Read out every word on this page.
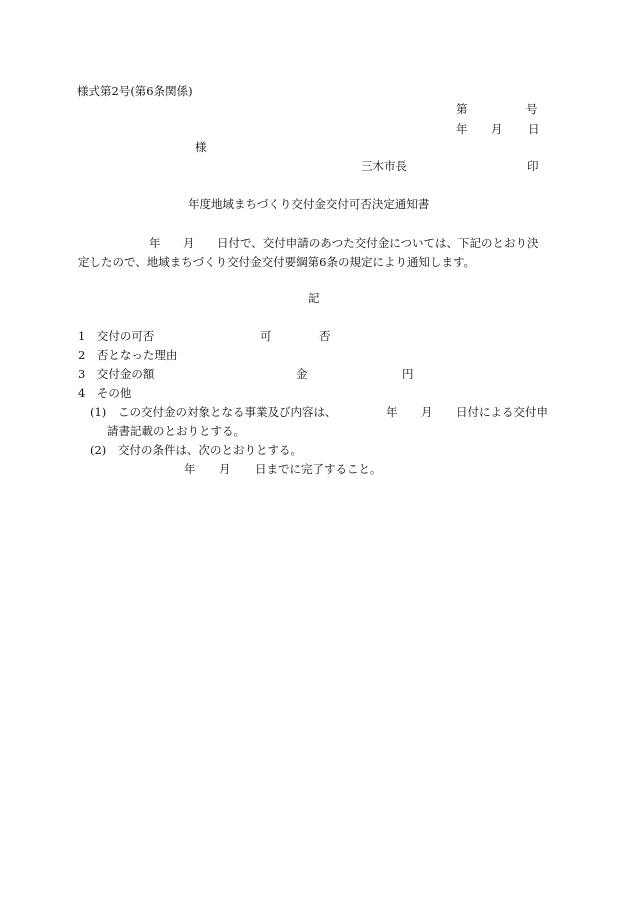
様式第2号(第6条関係)
第	号
年 月 日
様
三木市長	印
年度地域まちづくり交付金交付可否決定通知書
年 月 日付で、交付申請のあつた交付金については、下記のとおり決
定したので、地域まちづくり交付金交付要綱第6条の規定により通知します。
記
1　交付の可否	可	否
2　否となった理由
3　交付金の額	金	円
4　その他
(1) この交付金の対象となる事業及び内容は、	年 月 日付による交付申
請書記載のとおりとする。
(2) 交付の条件は、次のとおりとする。
年 月 日までに完了すること。
